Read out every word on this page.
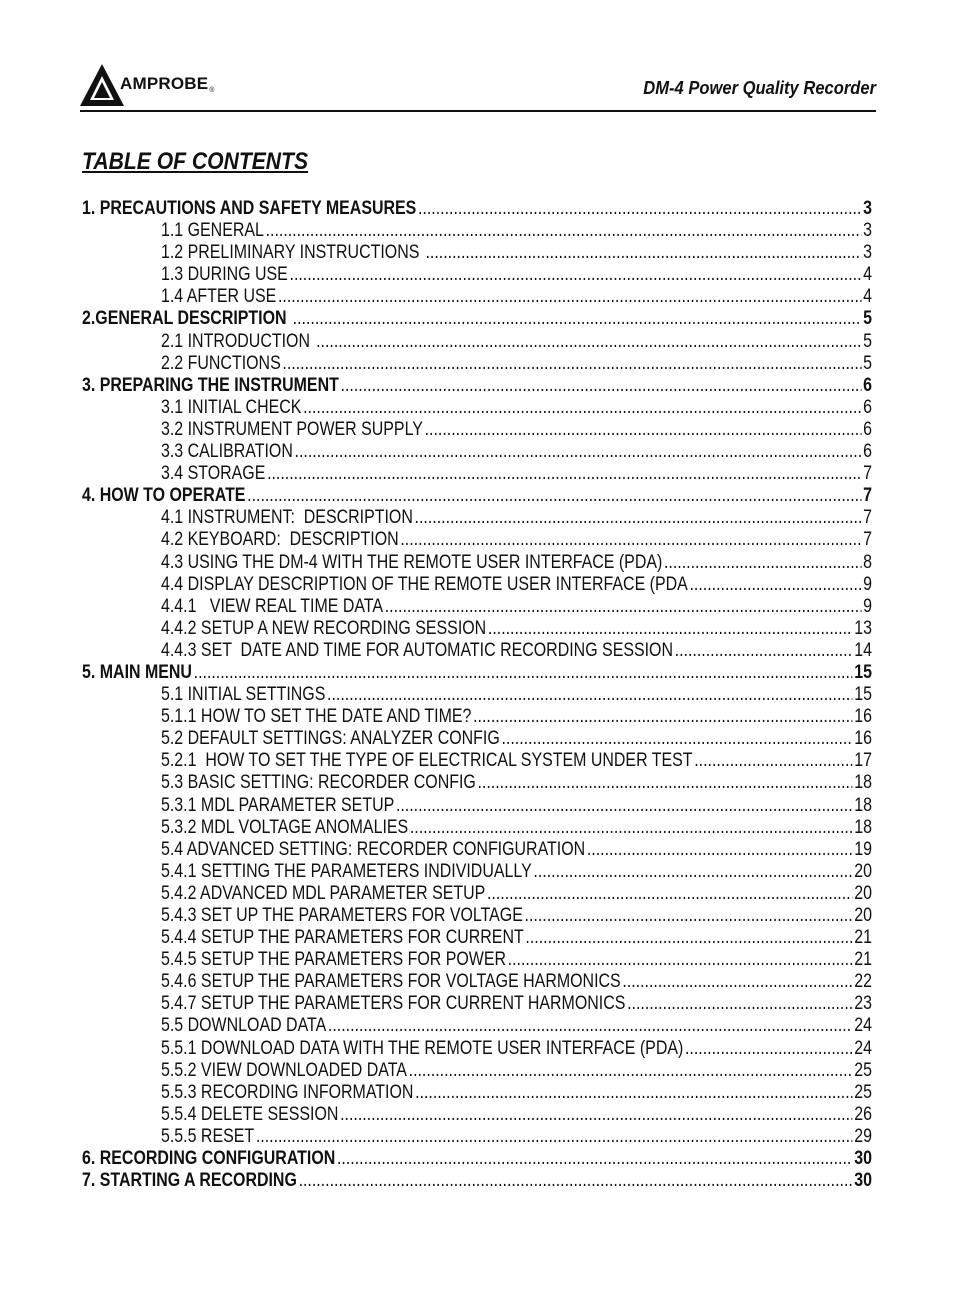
AMPROBE ®	DM-4 Power Quality Recorder
TABLE OF CONTENTS
1. PRECAUTIONS AND SAFETY MEASURES .....	3
1.1 GENERAL .....	3
1.2 PRELIMINARY INSTRUCTIONS .....	3
1.3 DURING USE .....	4
1.4 AFTER USE .....	4
2.GENERAL DESCRIPTION .....	5
2.1 INTRODUCTION .....	5
2.2 FUNCTIONS .....	5
3. PREPARING THE INSTRUMENT .....	6
3.1 INITIAL CHECK .....	6
3.2 INSTRUMENT POWER SUPPLY .....	6
3.3 CALIBRATION .....	6
3.4 STORAGE .....	7
4. HOW TO OPERATE .....	7
4.1 INSTRUMENT:  DESCRIPTION .....	7
4.2 KEYBOARD:  DESCRIPTION .....	7
4.3 USING THE DM-4 WITH THE REMOTE USER INTERFACE (PDA) .....	8
4.4 DISPLAY DESCRIPTION OF THE REMOTE USER INTERFACE (PDA .....	9
4.4.1   VIEW REAL TIME DATA .....	9
4.4.2 SETUP A NEW RECORDING SESSION .....	13
4.4.3 SET  DATE AND TIME FOR AUTOMATIC RECORDING SESSION .....	14
5. MAIN MENU .....	15
5.1 INITIAL SETTINGS .....	15
5.1.1 HOW TO SET THE DATE AND TIME? .....	16
5.2 DEFAULT SETTINGS: ANALYZER CONFIG .....	16
5.2.1  HOW TO SET THE TYPE OF ELECTRICAL SYSTEM UNDER TEST .....	17
5.3 BASIC SETTING: RECORDER CONFIG .....	18
5.3.1 MDL PARAMETER SETUP .....	18
5.3.2 MDL VOLTAGE ANOMALIES .....	18
5.4 ADVANCED SETTING: RECORDER CONFIGURATION .....	19
5.4.1 SETTING THE PARAMETERS INDIVIDUALLY .....	20
5.4.2 ADVANCED MDL PARAMETER SETUP .....	20
5.4.3 SET UP THE PARAMETERS FOR VOLTAGE .....	20
5.4.4 SETUP THE PARAMETERS FOR CURRENT .....	21
5.4.5 SETUP THE PARAMETERS FOR POWER .....	21
5.4.6 SETUP THE PARAMETERS FOR VOLTAGE HARMONICS .....	22
5.4.7 SETUP THE PARAMETERS FOR CURRENT HARMONICS .....	23
5.5 DOWNLOAD DATA .....	24
5.5.1 DOWNLOAD DATA WITH THE REMOTE USER INTERFACE (PDA) .....	24
5.5.2 VIEW DOWNLOADED DATA .....	25
5.5.3 RECORDING INFORMATION .....	25
5.5.4 DELETE SESSION .....	26
5.5.5 RESET .....	29
6. RECORDING CONFIGURATION .....	30
7. STARTING A RECORDING .....	30
